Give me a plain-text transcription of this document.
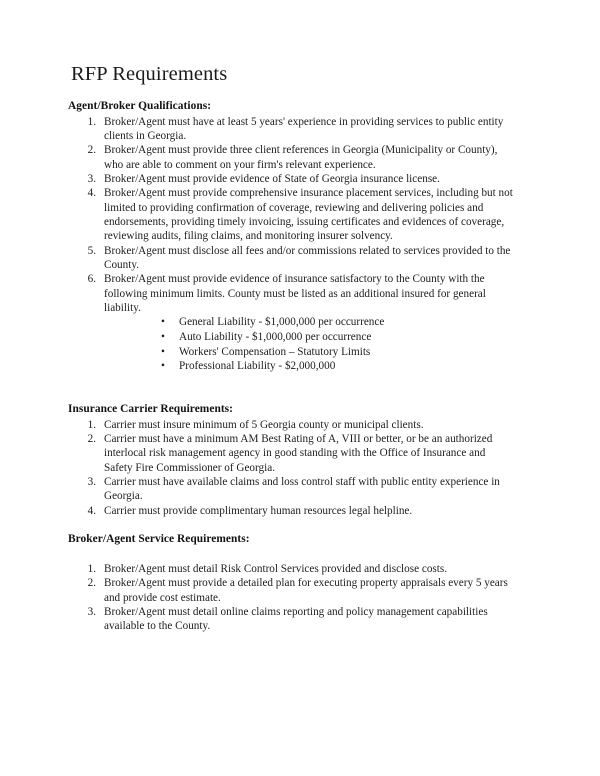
RFP Requirements
Agent/Broker Qualifications:
1. Broker/Agent must have at least 5 years' experience in providing services to public entity clients in Georgia.
2. Broker/Agent must provide three client references in Georgia (Municipality or County), who are able to comment on your firm's relevant experience.
3. Broker/Agent must provide evidence of State of Georgia insurance license.
4. Broker/Agent must provide comprehensive insurance placement services, including but not limited to providing confirmation of coverage, reviewing and delivering policies and endorsements, providing timely invoicing, issuing certificates and evidences of coverage, reviewing audits, filing claims, and monitoring insurer solvency.
5. Broker/Agent must disclose all fees and/or commissions related to services provided to the County.
6. Broker/Agent must provide evidence of insurance satisfactory to the County with the following minimum limits. County must be listed as an additional insured for general liability.
• General Liability - $1,000,000 per occurrence
• Auto Liability - $1,000,000 per occurrence
• Workers' Compensation – Statutory Limits
• Professional Liability - $2,000,000
Insurance Carrier Requirements:
1. Carrier must insure minimum of 5 Georgia county or municipal clients.
2. Carrier must have a minimum AM Best Rating of A, VIII or better, or be an authorized interlocal risk management agency in good standing with the Office of Insurance and Safety Fire Commissioner of Georgia.
3. Carrier must have available claims and loss control staff with public entity experience in Georgia.
4. Carrier must provide complimentary human resources legal helpline.
Broker/Agent Service Requirements:
1. Broker/Agent must detail Risk Control Services provided and disclose costs.
2. Broker/Agent must provide a detailed plan for executing property appraisals every 5 years and provide cost estimate.
3. Broker/Agent must detail online claims reporting and policy management capabilities available to the County.
